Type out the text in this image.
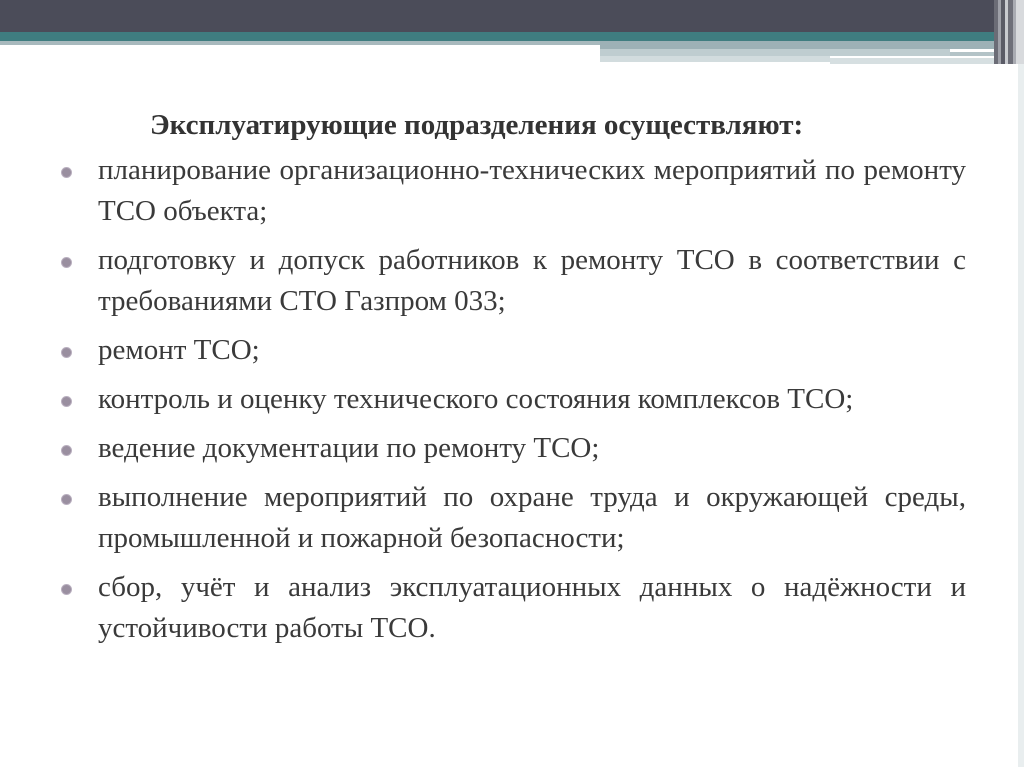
Эксплуатирующие подразделения осуществляют:
планирование организационно-технических мероприятий по ремонту ТСО объекта;
подготовку и допуск работников к ремонту ТСО в соответствии с требованиями СТО Газпром 033;
ремонт ТСО;
контроль и оценку технического состояния комплексов ТСО;
ведение документации по ремонту ТСО;
выполнение мероприятий по охране труда и окружающей среды, промышленной и пожарной безопасности;
сбор, учёт и анализ эксплуатационных данных о надёжности и устойчивости работы ТСО.
